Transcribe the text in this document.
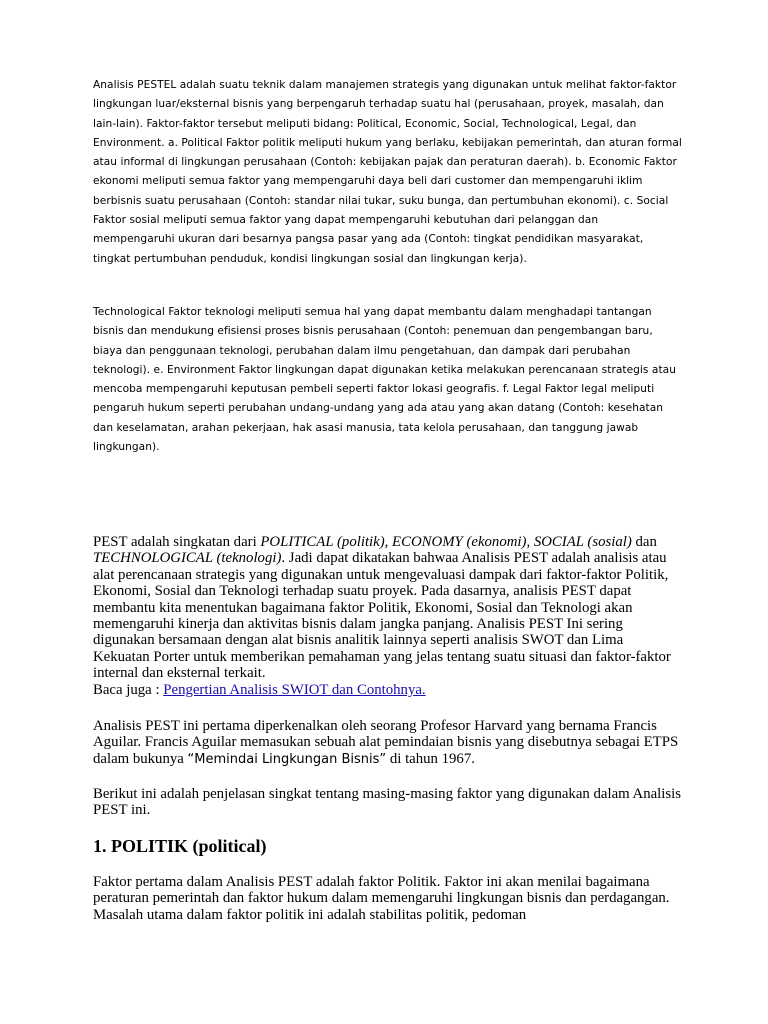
Analisis PESTEL adalah suatu teknik dalam manajemen strategis yang digunakan untuk melihat faktor-faktor lingkungan luar/eksternal bisnis yang berpengaruh terhadap suatu hal (perusahaan, proyek, masalah, dan lain-lain). Faktor-faktor tersebut meliputi bidang: Political, Economic, Social, Technological, Legal, dan Environment. a. Political Faktor politik meliputi hukum yang berlaku, kebijakan pemerintah, dan aturan formal atau informal di lingkungan perusahaan (Contoh: kebijakan pajak dan peraturan daerah). b. Economic Faktor ekonomi meliputi semua faktor yang mempengaruhi daya beli dari customer dan mempengaruhi iklim berbisnis suatu perusahaan (Contoh: standar nilai tukar, suku bunga, dan pertumbuhan ekonomi). c. Social Faktor sosial meliputi semua faktor yang dapat mempengaruhi kebutuhan dari pelanggan dan mempengaruhi ukuran dari besarnya pangsa pasar yang ada (Contoh: tingkat pendidikan masyarakat, tingkat pertumbuhan penduduk, kondisi lingkungan sosial dan lingkungan kerja).

Technological Faktor teknologi meliputi semua hal yang dapat membantu dalam menghadapi tantangan bisnis dan mendukung efisiensi proses bisnis perusahaan (Contoh: penemuan dan pengembangan baru, biaya dan penggunaan teknologi, perubahan dalam ilmu pengetahuan, dan dampak dari perubahan teknologi). e. Environment Faktor lingkungan dapat digunakan ketika melakukan perencanaan strategis atau mencoba mempengaruhi keputusan pembeli seperti faktor lokasi geografis. f. Legal Faktor legal meliputi pengaruh hukum seperti perubahan undang-undang yang ada atau yang akan datang (Contoh: kesehatan dan keselamatan, arahan pekerjaan, hak asasi manusia, tata kelola perusahaan, dan tanggung jawab lingkungan).

PEST adalah singkatan dari POLITICAL (politik), ECONOMY (ekonomi), SOCIAL (sosial) dan TECHNOLOGICAL (teknologi). Jadi dapat dikatakan bahwaa Analisis PEST adalah analisis atau alat perencanaan strategis yang digunakan untuk mengevaluasi dampak dari faktor-faktor Politik, Ekonomi, Sosial dan Teknologi terhadap suatu proyek. Pada dasarnya, analisis PEST dapat membantu kita menentukan bagaimana faktor Politik, Ekonomi, Sosial dan Teknologi akan memengaruhi kinerja dan aktivitas bisnis dalam jangka panjang. Analisis PEST Ini sering digunakan bersamaan dengan alat bisnis analitik lainnya seperti analisis SWOT dan Lima Kekuatan Porter untuk memberikan pemahaman yang jelas tentang suatu situasi dan faktor-faktor internal dan eksternal terkait.
Baca juga : Pengertian Analisis SWIOT dan Contohnya.

Analisis PEST ini pertama diperkenalkan oleh seorang Profesor Harvard yang bernama Francis Aguilar. Francis Aguilar memasukan sebuah alat pemindaian bisnis yang disebutnya sebagai ETPS dalam bukunya “Memindai Lingkungan Bisnis” di tahun 1967.

Berikut ini adalah penjelasan singkat tentang masing-masing faktor yang digunakan dalam Analisis PEST ini.

1. POLITIK (political)

Faktor pertama dalam Analisis PEST adalah faktor Politik. Faktor ini akan menilai bagaimana peraturan pemerintah dan faktor hukum dalam memengaruhi lingkungan bisnis dan perdagangan. Masalah utama dalam faktor politik ini adalah stabilitas politik, pedoman
